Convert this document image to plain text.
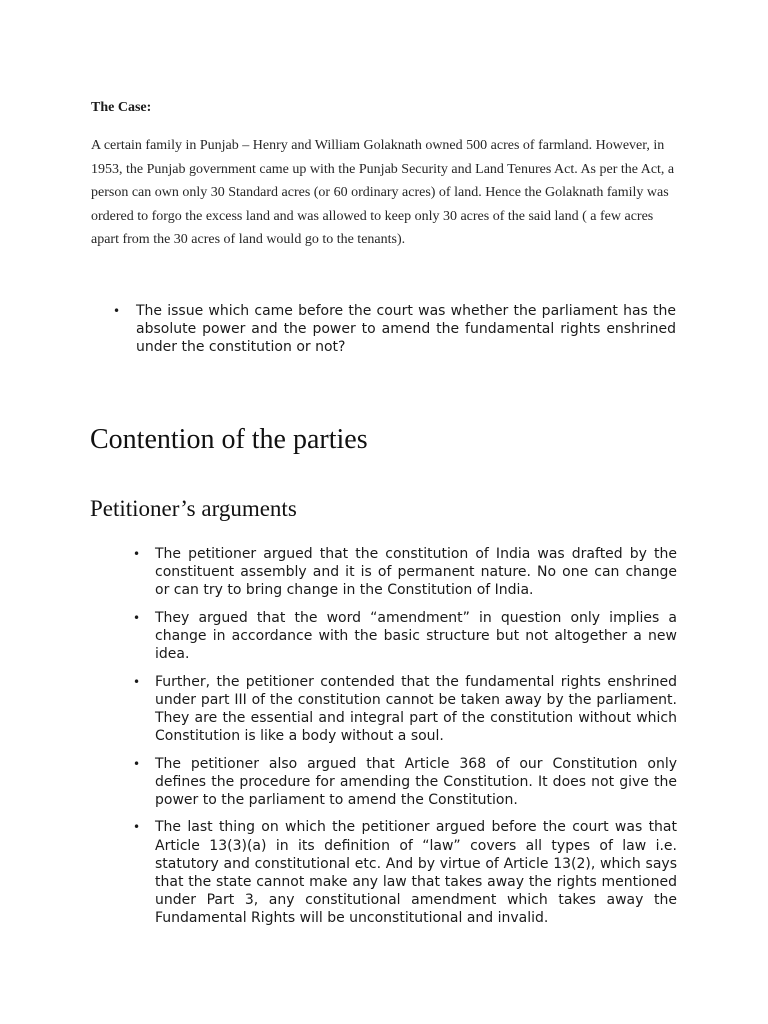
The Case:

A certain family in Punjab – Henry and William Golaknath owned 500 acres of farmland. However, in 1953, the Punjab government came up with the Punjab Security and Land Tenures Act. As per the Act, a person can own only 30 Standard acres (or 60 ordinary acres) of land. Hence the Golaknath family was ordered to forgo the excess land and was allowed to keep only 30 acres of the said land ( a few acres apart from the 30 acres of land would go to the tenants).

• The issue which came before the court was whether the parliament has the absolute power and the power to amend the fundamental rights enshrined under the constitution or not?
Contention of the parties
Petitioner’s arguments
• The petitioner argued that the constitution of India was drafted by the constituent assembly and it is of permanent nature. No one can change or can try to bring change in the Constitution of India.
• They argued that the word “amendment” in question only implies a change in accordance with the basic structure but not altogether a new idea.
• Further, the petitioner contended that the fundamental rights enshrined under part III of the constitution cannot be taken away by the parliament. They are the essential and integral part of the constitution without which Constitution is like a body without a soul.
• The petitioner also argued that Article 368 of our Constitution only defines the procedure for amending the Constitution. It does not give the power to the parliament to amend the Constitution.
• The last thing on which the petitioner argued before the court was that Article 13(3)(a) in its definition of “law” covers all types of law i.e. statutory and constitutional etc. And by virtue of Article 13(2), which says that the state cannot make any law that takes away the rights mentioned under Part 3, any constitutional amendment which takes away the Fundamental Rights will be unconstitutional and invalid.
